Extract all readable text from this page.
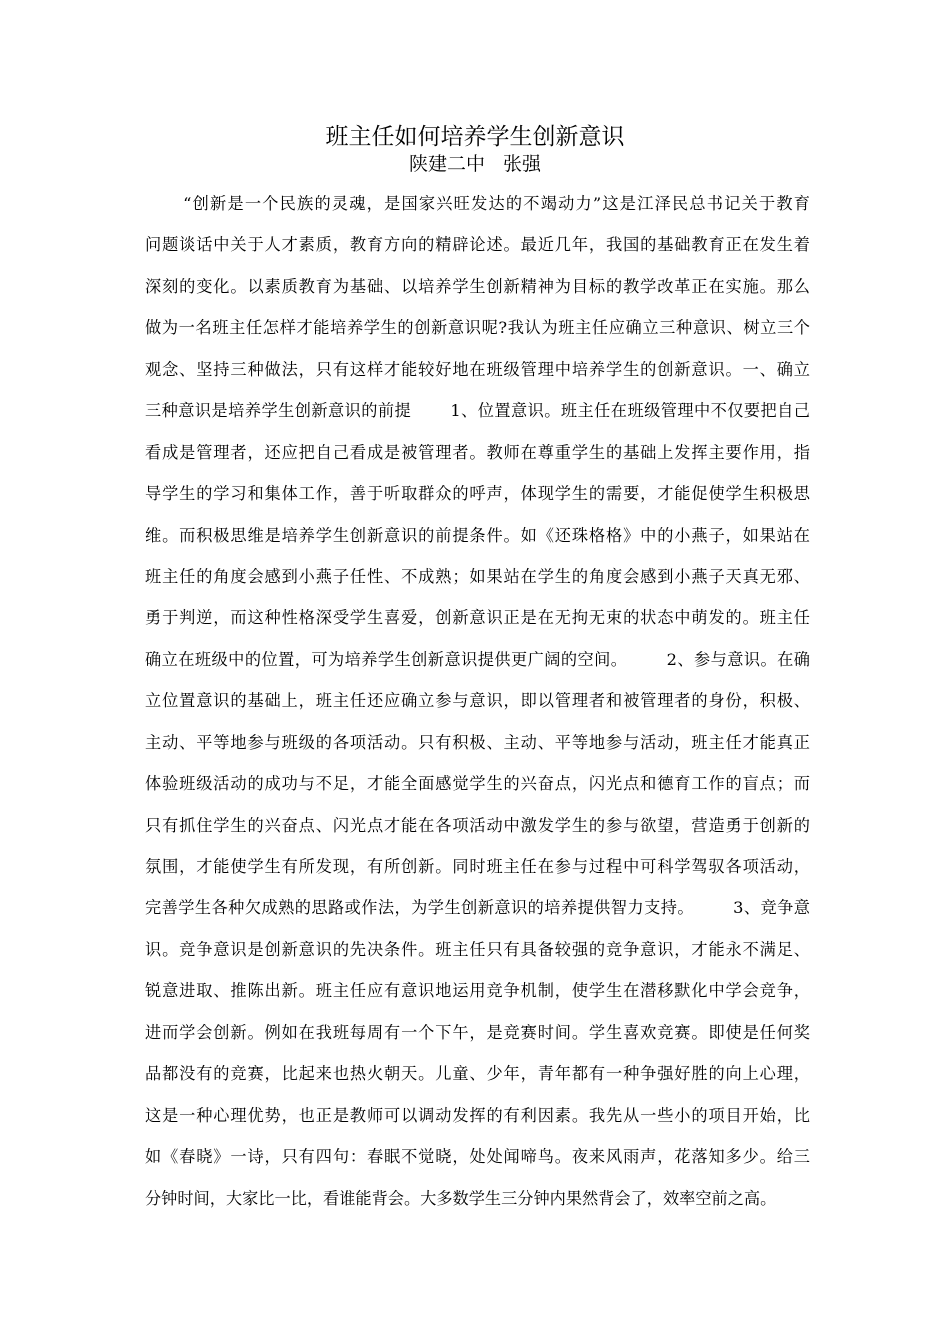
班主任如何培养学生创新意识
陕建二中   张强
“创新是一个民族的灵魂，是国家兴旺发达的不竭动力”这是江泽民总书记关于教育
问题谈话中关于人才素质，教育方向的精辟论述。最近几年，我国的基础教育正在发生着
深刻的变化。以素质教育为基础、以培养学生创新精神为目标的教学改革正在实施。那么
做为一名班主任怎样才能培养学生的创新意识呢?我认为班主任应确立三种意识、树立三个
观念、坚持三种做法，只有这样才能较好地在班级管理中培养学生的创新意识。一、确立
三种意识是培养学生创新意识的前提       1、位置意识。班主任在班级管理中不仅要把自己
看成是管理者，还应把自己看成是被管理者。教师在尊重学生的基础上发挥主要作用，指
导学生的学习和集体工作，善于听取群众的呼声，体现学生的需要，才能促使学生积极思
维。而积极思维是培养学生创新意识的前提条件。如《还珠格格》中的小燕子，如果站在
班主任的角度会感到小燕子任性、不成熟；如果站在学生的角度会感到小燕子天真无邪、
勇于判逆，而这种性格深受学生喜爱，创新意识正是在无拘无束的状态中萌发的。班主任
确立在班级中的位置，可为培养学生创新意识提供更广阔的空间。       2、参与意识。在确
立位置意识的基础上，班主任还应确立参与意识，即以管理者和被管理者的身份，积极、
主动、平等地参与班级的各项活动。只有积极、主动、平等地参与活动，班主任才能真正
体验班级活动的成功与不足，才能全面感觉学生的兴奋点，闪光点和德育工作的盲点；而
只有抓住学生的兴奋点、闪光点才能在各项活动中激发学生的参与欲望，营造勇于创新的
氛围，才能使学生有所发现，有所创新。同时班主任在参与过程中可科学驾驭各项活动，
完善学生各种欠成熟的思路或作法，为学生创新意识的培养提供智力支持。       3、竞争意
识。竞争意识是创新意识的先决条件。班主任只有具备较强的竞争意识，才能永不满足、
锐意进取、推陈出新。班主任应有意识地运用竞争机制，使学生在潜移默化中学会竞争，
进而学会创新。例如在我班每周有一个下午，是竞赛时间。学生喜欢竞赛。即使是任何奖
品都没有的竞赛，比起来也热火朝天。儿童、少年，青年都有一种争强好胜的向上心理，
这是一种心理优势，也正是教师可以调动发挥的有利因素。我先从一些小的项目开始，比
如《春晓》一诗，只有四句：春眠不觉晓，处处闻啼鸟。夜来风雨声，花落知多少。给三
分钟时间，大家比一比，看谁能背会。大多数学生三分钟内果然背会了，效率空前之高。
